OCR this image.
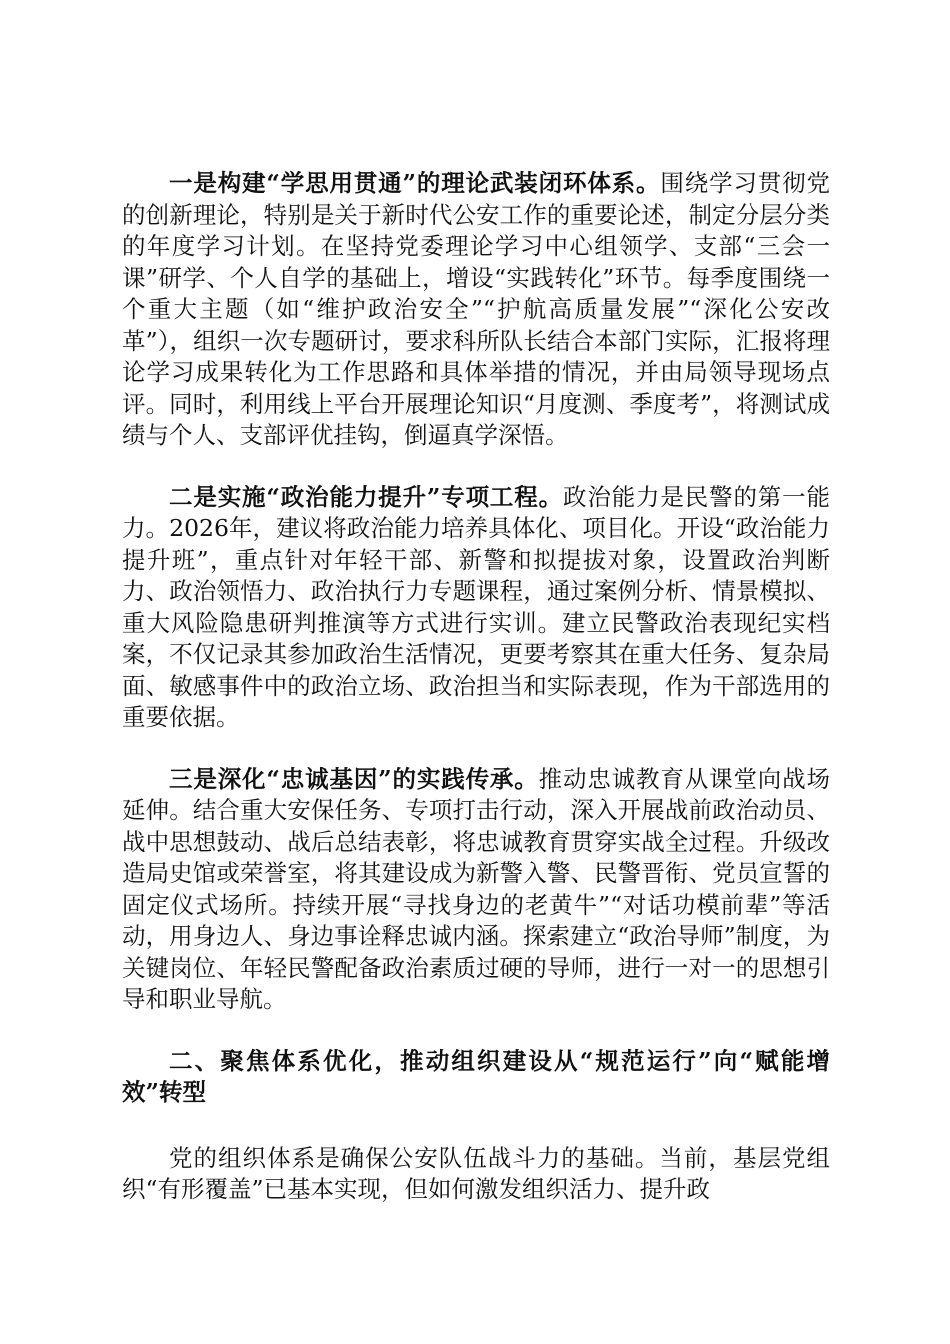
一是构建“学思用贯通”的理论武装闭环体系。围绕学习贯彻党的创新理论，特别是关于新时代公安工作的重要论述，制定分层分类的年度学习计划。在坚持党委理论学习中心组领学、支部“三会一课”研学、个人自学的基础上，增设“实践转化”环节。每季度围绕一个重大主题（如“维护政治安全”“护航高质量发展”“深化公安改革”），组织一次专题研讨，要求科所队长结合本部门实际，汇报将理论学习成果转化为工作思路和具体举措的情况，并由局领导现场点评。同时，利用线上平台开展理论知识“月度测、季度考”，将测试成绩与个人、支部评优挂钩，倒逼真学深悟。

二是实施“政治能力提升”专项工程。政治能力是民警的第一能力。2026年，建议将政治能力培养具体化、项目化。开设“政治能力提升班”，重点针对年轻干部、新警和拟提拔对象，设置政治判断力、政治领悟力、政治执行力专题课程，通过案例分析、情景模拟、重大风险隐患研判推演等方式进行实训。建立民警政治表现纪实档案，不仅记录其参加政治生活情况，更要考察其在重大任务、复杂局面、敏感事件中的政治立场、政治担当和实际表现，作为干部选用的重要依据。

三是深化“忠诚基因”的实践传承。推动忠诚教育从课堂向战场延伸。结合重大安保任务、专项打击行动，深入开展战前政治动员、战中思想鼓动、战后总结表彰，将忠诚教育贯穿实战全过程。升级改造局史馆或荣誉室，将其建设成为新警入警、民警晋衔、党员宣誓的固定仪式场所。持续开展“寻找身边的老黄牛”“对话功模前辈”等活动，用身边人、身边事诠释忠诚内涵。探索建立“政治导师”制度，为关键岗位、年轻民警配备政治素质过硬的导师，进行一对一的思想引导和职业导航。

二、聚焦体系优化，推动组织建设从“规范运行”向“赋能增效”转型

党的组织体系是确保公安队伍战斗力的基础。当前，基层党组织“有形覆盖”已基本实现，但如何激发组织活力、提升政
